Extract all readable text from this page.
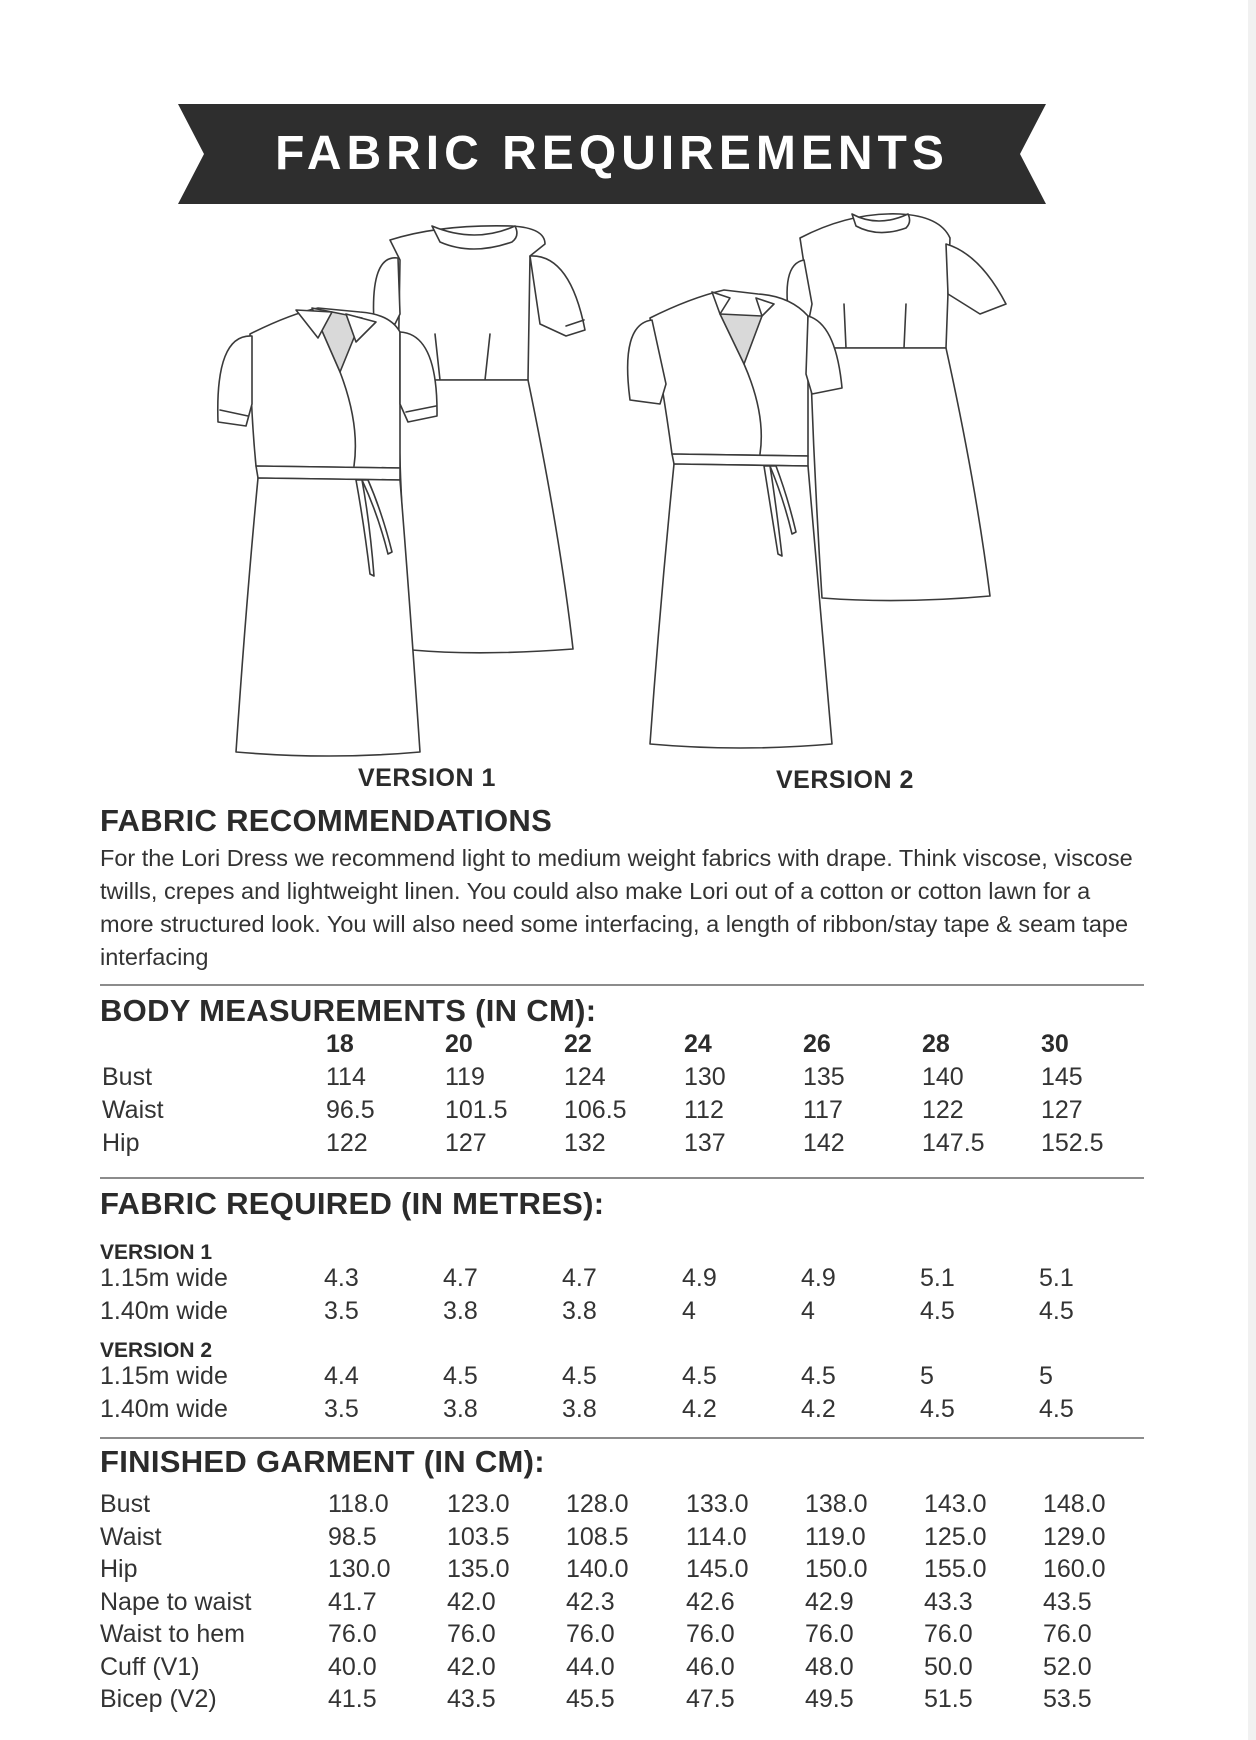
FABRIC REQUIREMENTS
VERSION 1	VERSION 2
FABRIC RECOMMENDATIONS
For the Lori Dress we recommend light to medium weight fabrics with drape. Think viscose, viscose
twills, crepes and lightweight linen. You could also make Lori out of a cotton or cotton lawn for a
more structured look. You will also need some interfacing, a length of ribbon/stay tape & seam tape
interfacing
BODY MEASUREMENTS (IN CM):
18	20	22	24	26	28	30
Bust	114	119	124	130	135	140	145
Waist	96.5	101.5 106.5 112	117	122	127
Hip	122	127	132	137	142	147.5 152.5
FABRIC REQUIRED (IN METRES):
VERSION 1
VERSION 2
1.15m wide	4.3	4.7	4.7	4.9	4.9	5.1	5.1
1.40m wide	3.5	3.8	3.8	4	4	4.5	4.5
1.15m wide	4.4	4.5	4.5	4.5	4.5	5	5
1.40m wide	3.5	3.8	3.8	4.2	4.2	4.5	4.5
FINISHED GARMENT (IN CM):
Bust	118.0 123.0 128.0 133.0 138.0 143.0 148.0
Waist	98.5	103.5 108.5 114.0 119.0 125.0 129.0
Hip	130.0 135.0 140.0 145.0 150.0 155.0 160.0
Nape to waist	41.7	42.0	42.3	42.6	42.9	43.3	43.5
Waist to hem	76.0	76.0	76.0	76.0	76.0	76.0	76.0
Cuff (V1)	40.0	42.0	44.0	46.0	48.0	50.0	52.0
Bicep (V2)	41.5	43.5	45.5	47.5	49.5	51.5	53.5
